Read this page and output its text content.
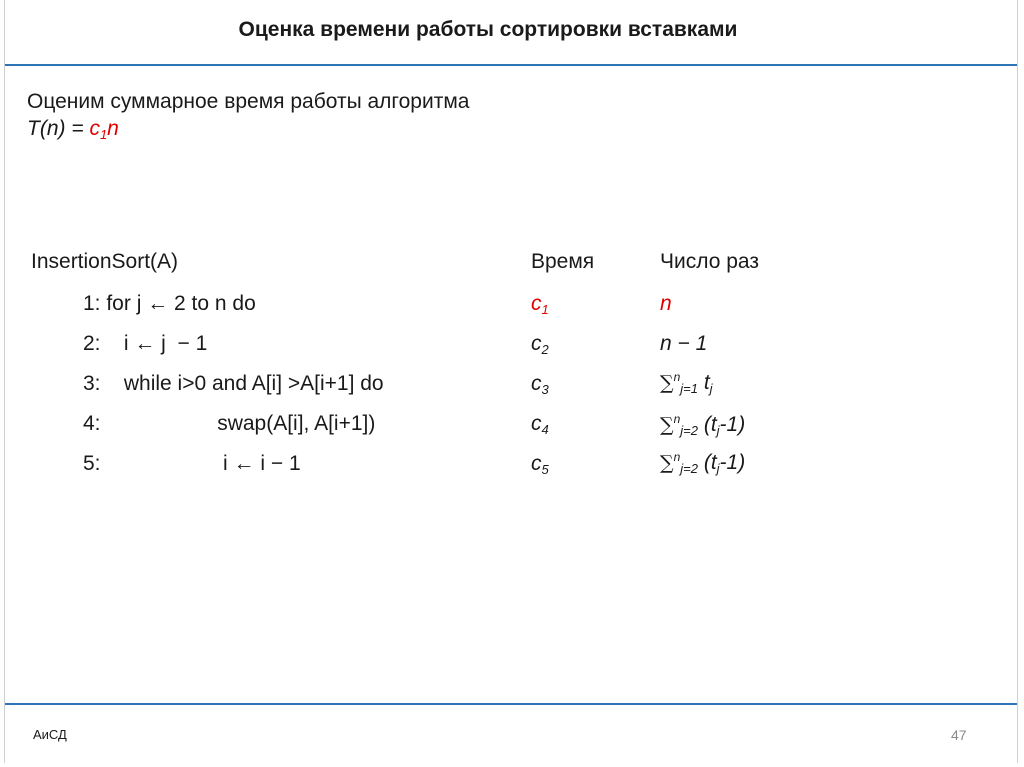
Оценка времени работы сортировки вставками
Оценим суммарное время работы алгоритма
$T(n) = c_1n$
InsertionSort(A)	Время	Число раз
1: for j ← 2 to n do	$c_1$	n
2:    i ← j  − 1	$c_2$	n − 1
3:    while i>0 and A[i] >A[i+1] do	$c_3$	∑$^n_{j=1}$ $t_j$
4:                    swap(A[i], A[i+1])	$c_4$	∑$^n_{j=2}$ $(t_j-1)$
5:                     i ← i − 1	$c_5$	∑$^n_{j=2}$ $(t_j-1)$
АиСД	47
